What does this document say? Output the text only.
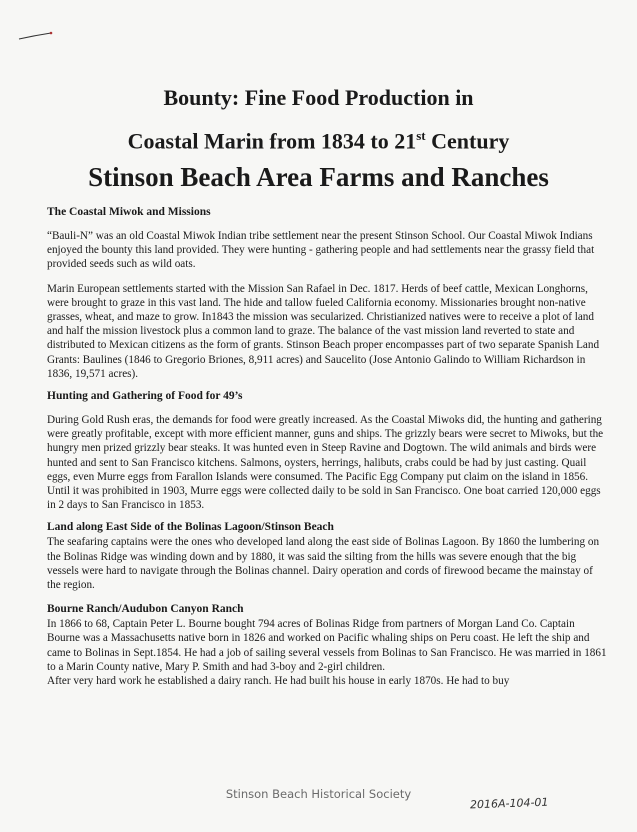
Bounty: Fine Food Production in
Coastal Marin from 1834 to 21st Century
Stinson Beach Area Farms and Ranches
The Coastal Miwok and Missions

“Bauli-N” was an old Coastal Miwok Indian tribe settlement near the present Stinson School. Our Coastal Miwok Indians enjoyed the bounty this land provided. They were hunting - gathering people and had settlements near the grassy field that provided seeds such as wild oats.

Marin European settlements started with the Mission San Rafael in Dec. 1817. Herds of beef cattle, Mexican Longhorns, were brought to graze in this vast land. The hide and tallow fueled California economy. Missionaries brought non-native grasses, wheat, and maze to grow. In1843 the mission was secularized. Christianized natives were to receive a plot of land and half the mission livestock plus a common land to graze. The balance of the vast mission land reverted to state and distributed to Mexican citizens as the form of grants. Stinson Beach proper encompasses part of two separate Spanish Land Grants: Baulines (1846 to Gregorio Briones, 8,911 acres) and Saucelito (Jose Antonio Galindo to William Richardson in 1836, 19,571 acres).

Hunting and Gathering of Food for 49’s

During Gold Rush eras, the demands for food were greatly increased. As the Coastal Miwoks did, the hunting and gathering were greatly profitable, except with more efficient manner, guns and ships. The grizzly bears were secret to Miwoks, but the hungry men prized grizzly bear steaks. It was hunted even in Steep Ravine and Dogtown. The wild animals and birds were hunted and sent to San Francisco kitchens. Salmons, oysters, herrings, halibuts, crabs could be had by just casting. Quail eggs, even Murre eggs from Farallon Islands were consumed. The Pacific Egg Company put claim on the island in 1856. Until it was prohibited in 1903, Murre eggs were collected daily to be sold in San Francisco. One boat carried 120,000 eggs in 2 days to San Francisco in 1853.

Land along East Side of the Bolinas Lagoon/Stinson Beach

The seafaring captains were the ones who developed land along the east side of Bolinas Lagoon. By 1860 the lumbering on the Bolinas Ridge was winding down and by 1880, it was said the silting from the hills was severe enough that the big vessels were hard to navigate through the Bolinas channel. Dairy operation and cords of firewood became the mainstay of the region.

Bourne Ranch/Audubon Canyon Ranch

In 1866 to 68, Captain Peter L. Bourne bought 794 acres of Bolinas Ridge from partners of Morgan Land Co. Captain Bourne was a Massachusetts native born in 1826 and worked on Pacific whaling ships on Peru coast. He left the ship and came to Bolinas in Sept.1854. He had a job of sailing several vessels from Bolinas to San Francisco. He was married in 1861 to a Marin County native, Mary P. Smith and had 3-boy and 2-girl children.

After very hard work he established a dairy ranch. He had built his house in early 1870s. He had to buy

Stinson Beach Historical Society
2016A-104-01
